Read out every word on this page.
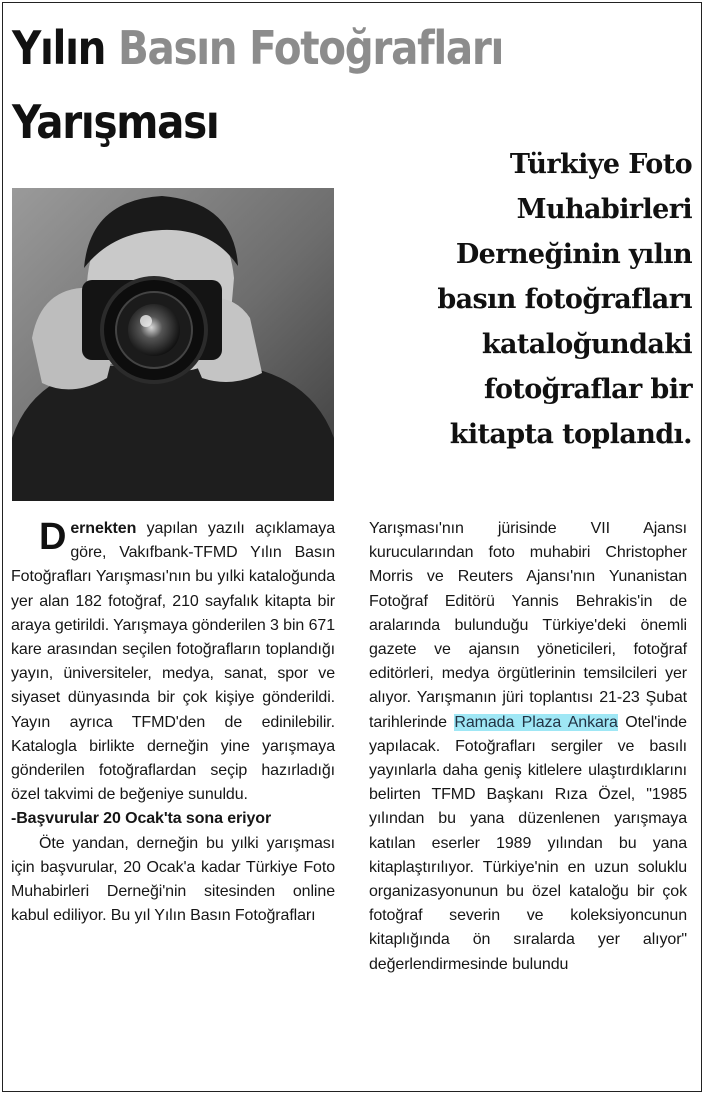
Yılın Basın Fotoğrafları
Yarışması
Türkiye Foto Muhabirleri Derneğinin yılın basın fotoğrafları kataloğundaki fotoğraflar bir kitapta toplandı.

Dernekten yapılan yazılı açıklamaya göre, Vakıfbank-TFMD Yılın Basın Fotoğrafları Yarışması'nın bu yılki kataloğunda yer alan 182 fotoğraf, 210 sayfalık kitapta bir araya getirildi. Yarışmaya gönderilen 3 bin 671 kare arasından seçilen fotoğrafların toplandığı yayın, üniversiteler, medya, sanat, spor ve siyaset dünyasında bir çok kişiye gönderildi. Yayın ayrıca TFMD'den de edinilebilir. Katalogla birlikte derneğin yine yarışmaya gönderilen fotoğraflardan seçip hazırladığı özel takvimi de beğeniye sunuldu.

-Başvurular 20 Ocak'ta sona eriyor

Öte yandan, derneğin bu yılki yarışması için başvurular, 20 Ocak'a kadar Türkiye Foto Muhabirleri Derneği'nin sitesinden online kabul ediliyor. Bu yıl Yılın Basın Fotoğrafları

Yarışması'nın jürisinde VII Ajansı kurucularından foto muhabiri Christopher Morris ve Reuters Ajansı'nın Yunanistan Fotoğraf Editörü Yannis Behrakis'in de aralarında bulunduğu Türkiye'deki önemli gazete ve ajansın yöneticileri, fotoğraf editörleri, medya örgütlerinin temsilcileri yer alıyor. Yarışmanın jüri toplantısı 21-23 Şubat tarihlerinde Ramada Plaza Ankara Otel'inde yapılacak. Fotoğrafları sergiler ve basılı yayınlarla daha geniş kitlelere ulaştırdıklarını belirten TFMD Başkanı Rıza Özel, "1985 yılından bu yana düzenlenen yarışmaya katılan eserler 1989 yılından bu yana kitaplaştırılıyor. Türkiye'nin en uzun soluklu organizasyonunun bu özel kataloğu bir çok fotoğraf severin ve koleksiyoncunun kitaplığında ön sıralarda yer alıyor" değerlendirmesinde bulundu
